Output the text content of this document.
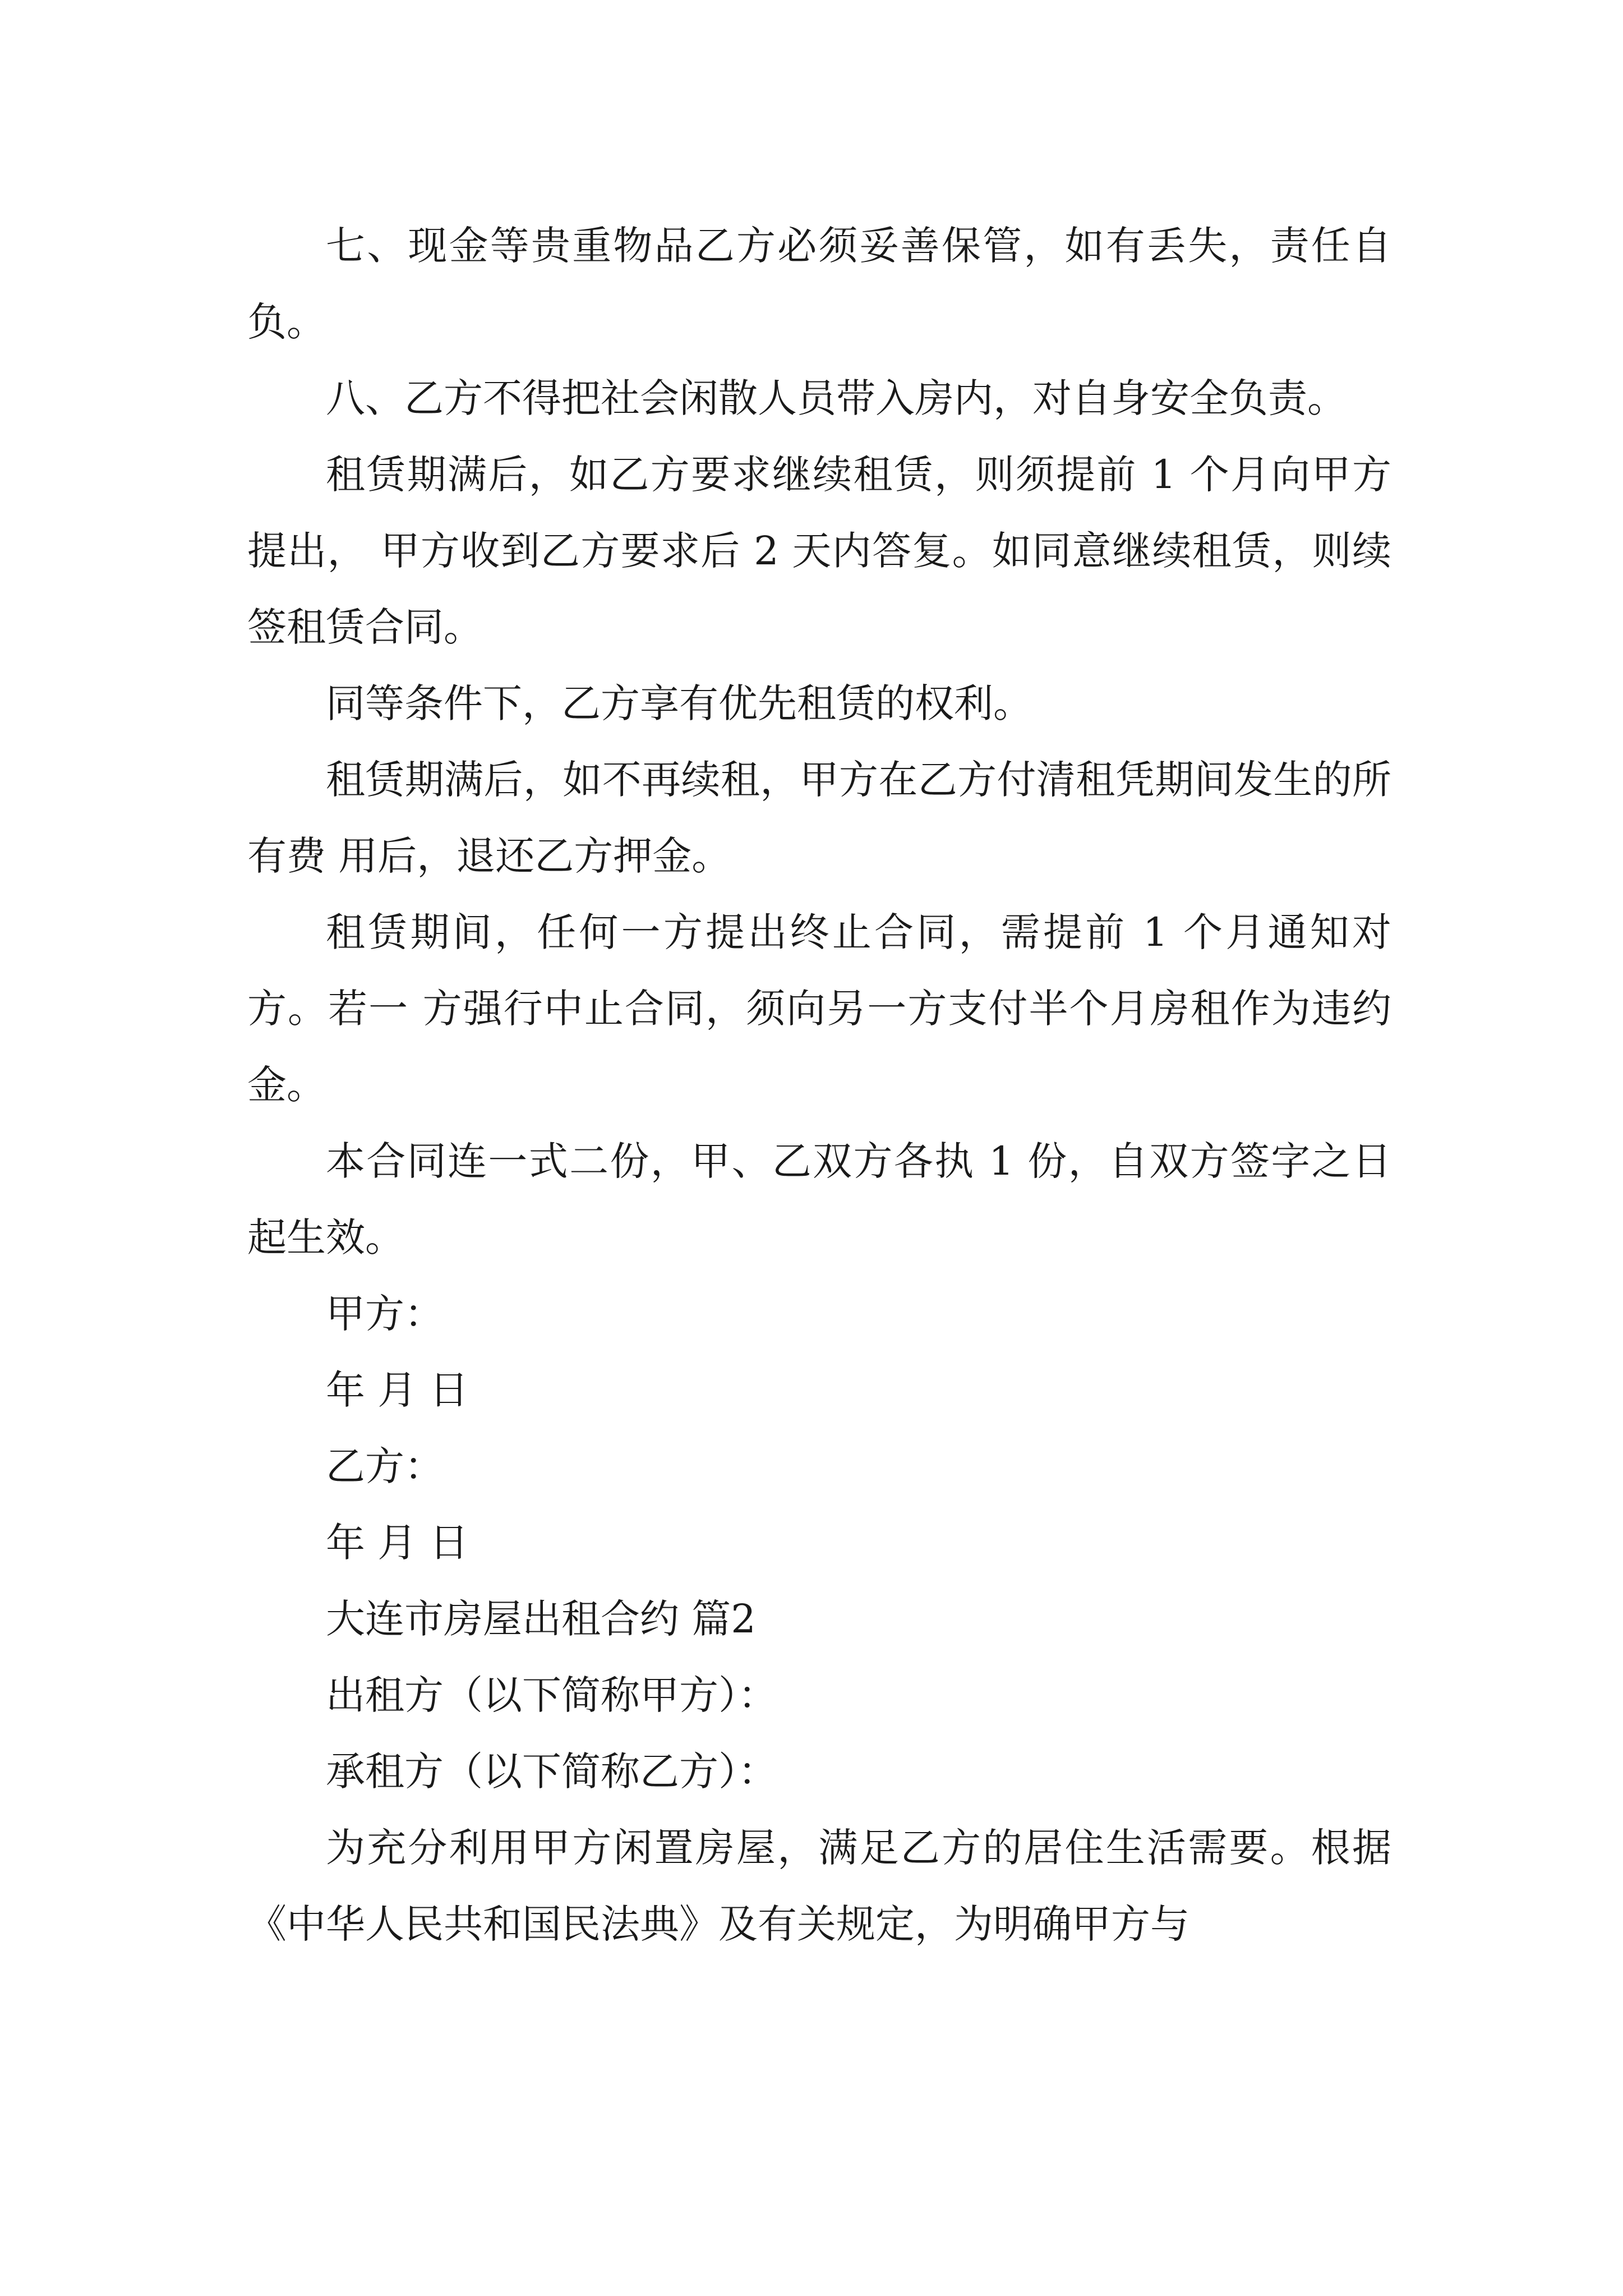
七、现金等贵重物品乙方必须妥善保管，如有丢失，责任自负。

八、乙方不得把社会闲散人员带入房内，对自身安全负责。

租赁期满后，如乙方要求继续租赁，则须提前 1 个月向甲方提出， 甲方收到乙方要求后 2 天内答复。如同意继续租赁，则续签租赁合同。

同等条件下，乙方享有优先租赁的权利。

租赁期满后，如不再续租，甲方在乙方付清租凭期间发生的所有费 用后，退还乙方押金。

租赁期间，任何一方提出终止合同，需提前 1 个月通知对方。若一 方强行中止合同，须向另一方支付半个月房租作为违约金。

本合同连一式二份，甲、乙双方各执 1 份，自双方签字之日起生效。

甲方：

年 月 日

乙方：

年 月 日

大连市房屋出租合约 篇2

出租方（以下简称甲方）：

承租方（以下简称乙方）：

为充分利用甲方闲置房屋，满足乙方的居住生活需要。根据《中华人民共和国民法典》及有关规定，为明确甲方与
